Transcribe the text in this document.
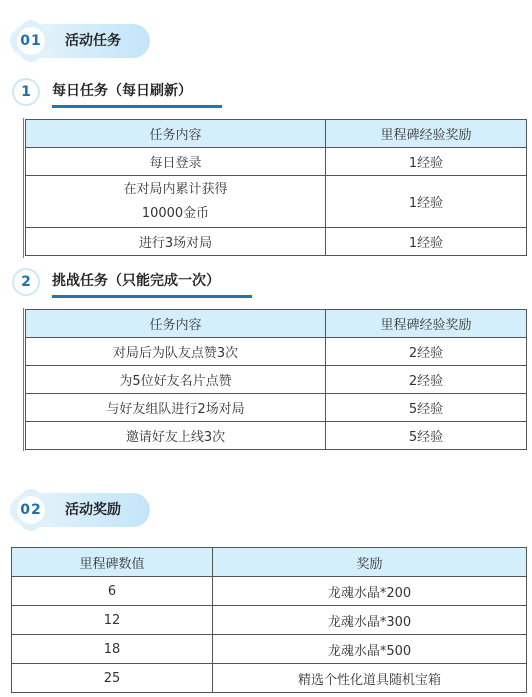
01	活动任务
1	每日任务（每日刷新）
任务内容	里程碑经验奖励
每日登录	1经验

在对局内累计获得
10000金币	1经验
进行3场对局	1经验
2	挑战任务（只能完成一次）
任务内容	里程碑经验奖励
对局后为队友点赞3次	2经验
为5位好友名片点赞	2经验
与好友组队进行2场对局	5经验
邀请好友上线3次	5经验
02	活动奖励
里程碑数值	奖励
6	龙魂水晶*200
12	龙魂水晶*300
18	龙魂水晶*500
25	精选个性化道具随机宝箱
